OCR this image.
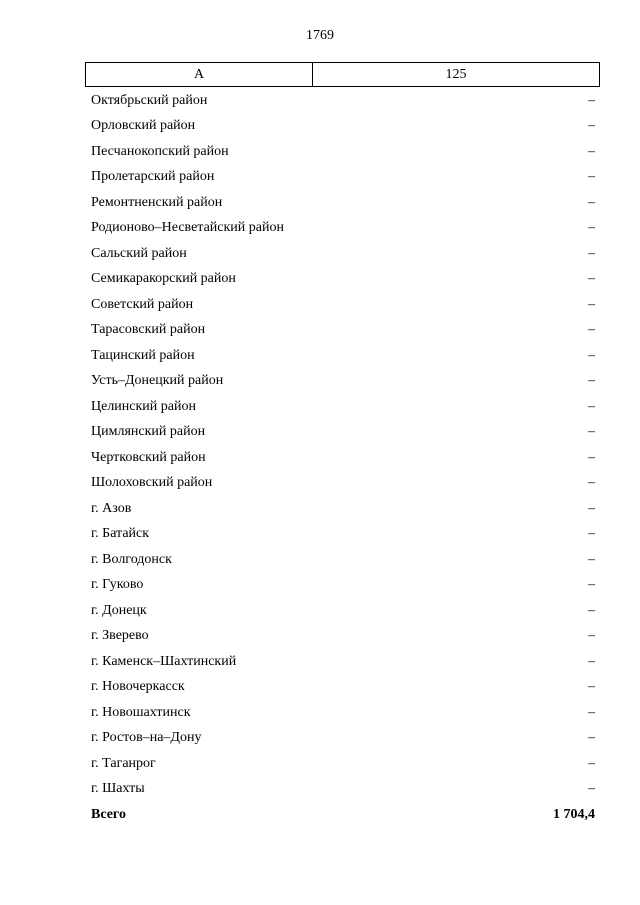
1769
А	125
Октябрьский район	–
Орловский район	–
Песчанокопский район	–
Пролетарский район	–
Ремонтненский район	–
Родионово–Несветайский район	–
Сальский район	–
Семикаракорский район	–
Советский район	–
Тарасовский район	–
Тацинский район	–
Усть–Донецкий район	–
Целинский район	–
Цимлянский район	–
Чертковский район	–
Шолоховский район	–
г. Азов	–
г. Батайск	–
г. Волгодонск	–
г. Гуково	–
г. Донецк	–
г. Зверево	–
г. Каменск–Шахтинский	–
г. Новочеркасск	–
г. Новошахтинск	–
г. Ростов–на–Дону	–
г. Таганрог	–
г. Шахты	–
Всего	1 704,4
